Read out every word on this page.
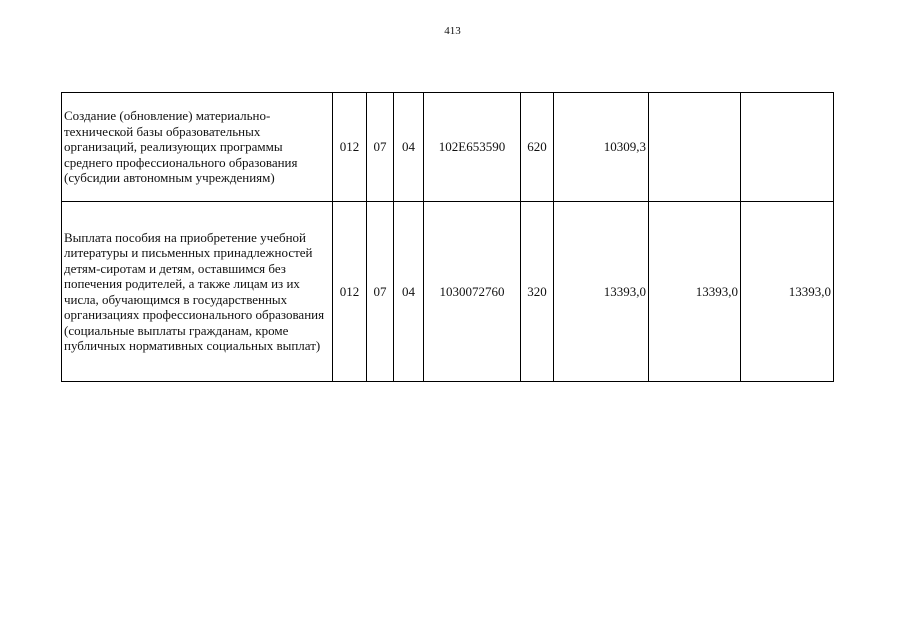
413
Создание (обновление) материально-технической базы образовательных организаций, реализующих программы среднего профессионального образования (субсидии автономным учреждениям)	012	07	04	102E653590	620	10309,3		
Выплата пособия на приобретение учебной литературы и письменных принадлежностей детям-сиротам и детям, оставшимся без попечения родителей, а также лицам из их числа, обучающимся в государственных организациях профессионального образования (социальные выплаты гражданам, кроме публичных нормативных социальных выплат)	012	07	04	1030072760	320	13393,0	13393,0	13393,0
